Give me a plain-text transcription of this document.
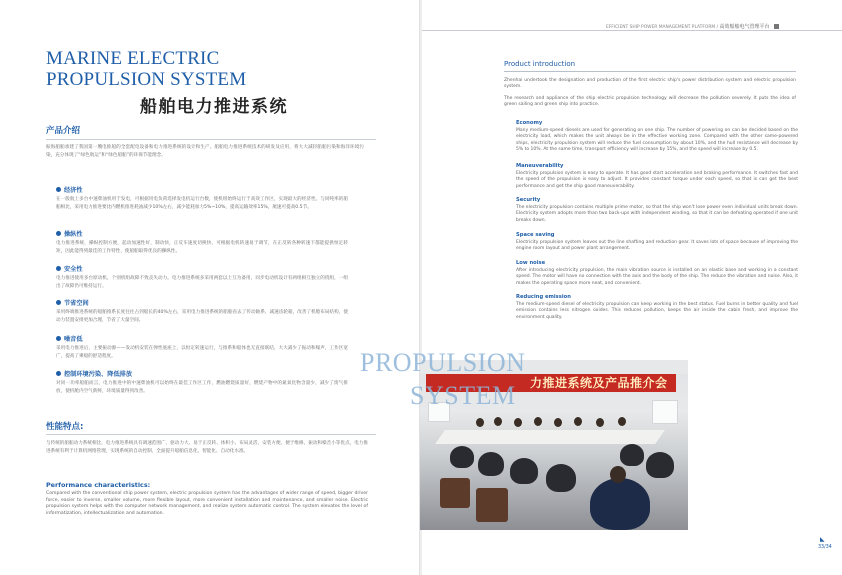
MARINE ELECTRIC
PROPULSION SYSTEM
船舶电力推进系统
产品介绍
振海船舶承建了我国第一艘电推船的全套配电设备和电力推进系统的设计和生产。船舶电力推进系统技术的研发及应用，将大大减轻船舶污染和海洋环境污染，充分体现了“绿色航运”和“绿色船舶”的环保节能理念。
经济性
在一般航上多台中速柴油机用于发电，可根据用电负荷选择发电机运行台数，使机组始终运行于高效工作区，实现最大的经济性。与同吨率的船舶相比，采用电力推进要比内燃机推进耗油减少10%左右，减少能耗加力5%~10%，提高运输效率15%，航速可提高0.5节。
操纵性
电力推进系统，操纵控制方便，起动加速性好，制动快，正反车速度切换快，可根据电机转速易于调节，在正反转各种转速下都能提供恒定转矩，因此能得到最佳的工作特性，使船舶取得优良的操纵性。
安全性
电力推进使用多台原动机，个别机组故障不致丧失动力。电力推进系统多采用两套以上互为备用，同步电动机设计有两组相互独立的绕组，一组出了故障仍可维持运行。
节省空间
采用终端推进系统的船舶推系长度往往占到船长的40%左右，采用电力推进系统的船舶省去了传动轴系、减速齿轮箱，改善了机舱布局结构，使动力装置安排更加合理，节省了大量空间。
噪音低
采用电力推进后，主要振动源——发动机安装在弹性底座上，以恒定转速运行，与推系和船体也无直接联结，大大减少了振动和噪声，工作区宽广，提高了乘船的舒适程度。
控制环境污染、降低排放
对同一功率船舶而言，电力推进中的中速柴油机可以始终在最佳工作区工作，燃油燃烧质量好，燃烧产物中的氮氧化物含量少，减少了废气排放，使机舱内空气新鲜，环境质量得到改善。
性能特点:
与传统的船舶动力系统相比，电力推进系统具有调速范围广、驱动力大、易于正反转、体积小、布局灵活、安装方便、便于维修、振动和噪音小等优点。电力推进系统有利于计算机网络管理，实现系统的自动控制，全面提升船舶信息化、智能化、自动化水准。
Performance characteristics:
Compared with the conventional ship power system, electric propulsion system has the advantages of wider range of speed, bigger driver force, easier to inverse, smaller volume, more flexible layout, more convenient installation and maintenance, and smaller noise. Electric propulsion system helps with the computer network management, and realize system automatic control. The system elevates the level of informatization, intellectualization and automation.
EFFICIENT SHIP POWER MANAGEMENT PLATFORM / 高效船舶电气管理平台
Product introduction
Zhenhai undertook the designation and production of the first electric ship's power distribution system and electric propulsion system.
The research and appliance of the ship electric propulsion technology will decrease the pollution severely. It puts the idea of green sailing and green ship into practice.
Economy
Many medium-speed diesels are used for generating on one ship. The number of powering on can be decided based on the electricity load, which makes the unit always be in the effective working zone. Compared with the other same-powered ships, electricity propulsion system will reduce the fuel consumption by about 10%, and the hull resistance will decrease by 5% to 10%. At the same time, transport efficiency will increase by 15%, and the speed will increase by 0.5.
Maneuverability
Electricity propulsion system is easy to operate. It has good start acceleration and braking performance. It switches fast and the speed of the propulsion is easy to adjust. It provides constant torque under each speed, so that is can get the best performance and get the ship good maneuverability.
Security
The electricity propulsion contains multiple prime motor, so that the ship won't lose power even individual units break down. Electricity system adopts more than two back-ups with independent winding, so that it can be defeating operated if one unit breaks down.
Space saving
Electricity propulsion system leaves out the line shafting and reduction gear. It saves lots of space because of improving the engine room layout and power plant arrangement.
Low noise
After introducing electricity propulsion, the main vibration source is installed on an elastic base and working in a constant speed. The motor will have no connection with the axis and the body of the ship. The reduce the vibration and noise. Also, it makes the operating space more neat, and convenient.
Reducing emission
The medium-speed diesel of electricity propulsion can keep working in the best status. Fuel burns in better quality and fuel emission contains less nitrogen oxides. This reduces pollution, keeps the air inside the cabin fresh, and improve the environment quality.
力推进系统及产品推介会
PROPULSION
SYSTEM
◣
33/34
